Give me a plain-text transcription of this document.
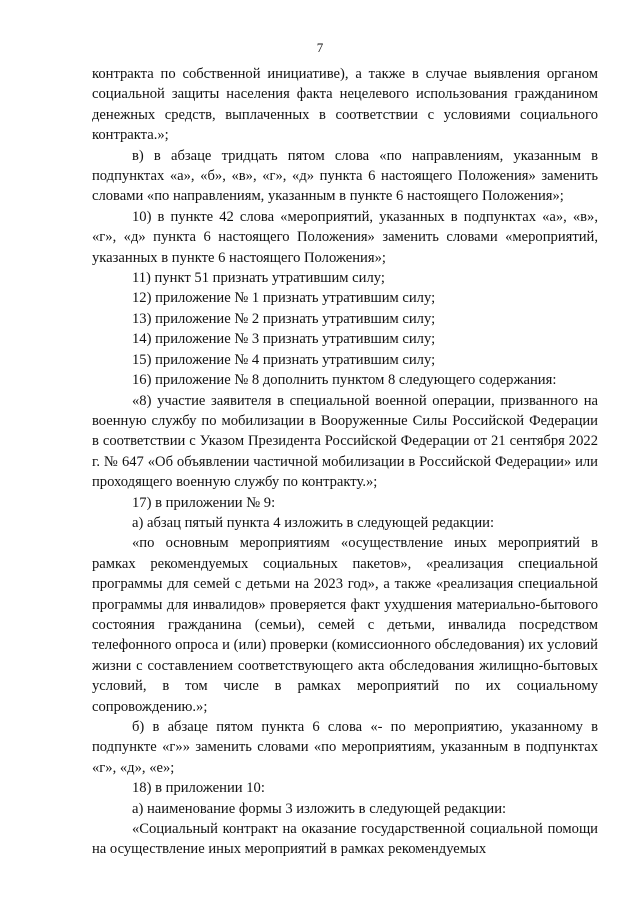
7

контракта по собственной инициативе), а также в случае выявления органом социальной защиты населения факта нецелевого использования гражданином денежных средств, выплаченных в соответствии с условиями социального контракта.»;

в) в абзаце тридцать пятом слова «по направлениям, указанным в подпунктах «а», «б», «в», «г», «д» пункта 6 настоящего Положения» заменить словами «по направлениям, указанным в пункте 6 настоящего Положения»;

10) в пункте 42 слова «мероприятий, указанных в подпунктах «а», «в», «г», «д» пункта 6 настоящего Положения» заменить словами «мероприятий, указанных в пункте 6 настоящего Положения»;

11) пункт 51 признать утратившим силу;

12) приложение № 1 признать утратившим силу;

13) приложение № 2 признать утратившим силу;

14) приложение № 3 признать утратившим силу;

15) приложение № 4 признать утратившим силу;

16) приложение № 8 дополнить пунктом 8 следующего содержания:

«8) участие заявителя в специальной военной операции, призванного на военную службу по мобилизации в Вооруженные Силы Российской Федерации в соответствии с Указом Президента Российской Федерации от 21 сентября 2022 г. № 647 «Об объявлении частичной мобилизации в Российской Федерации» или проходящего военную службу по контракту.»;

17) в приложении № 9:

а) абзац пятый пункта 4 изложить в следующей редакции:

«по основным мероприятиям «осуществление иных мероприятий в рамках рекомендуемых социальных пакетов», «реализация специальной программы для семей с детьми на 2023 год», а также «реализация специальной программы для инвалидов» проверяется факт ухудшения материально-бытового состояния гражданина (семьи), семей с детьми, инвалида посредством телефонного опроса и (или) проверки (комиссионного обследования) их условий жизни с составлением соответствующего акта обследования жилищно-бытовых условий, в том числе в рамках мероприятий по их социальному сопровождению.»;

б) в абзаце пятом пункта 6 слова «- по мероприятию, указанному в подпункте «г»» заменить словами «по мероприятиям, указанным в подпунктах «г», «д», «е»;

18) в приложении 10:

а) наименование формы 3 изложить в следующей редакции:

«Социальный контракт на оказание государственной социальной помощи на осуществление иных мероприятий в рамках рекомендуемых
